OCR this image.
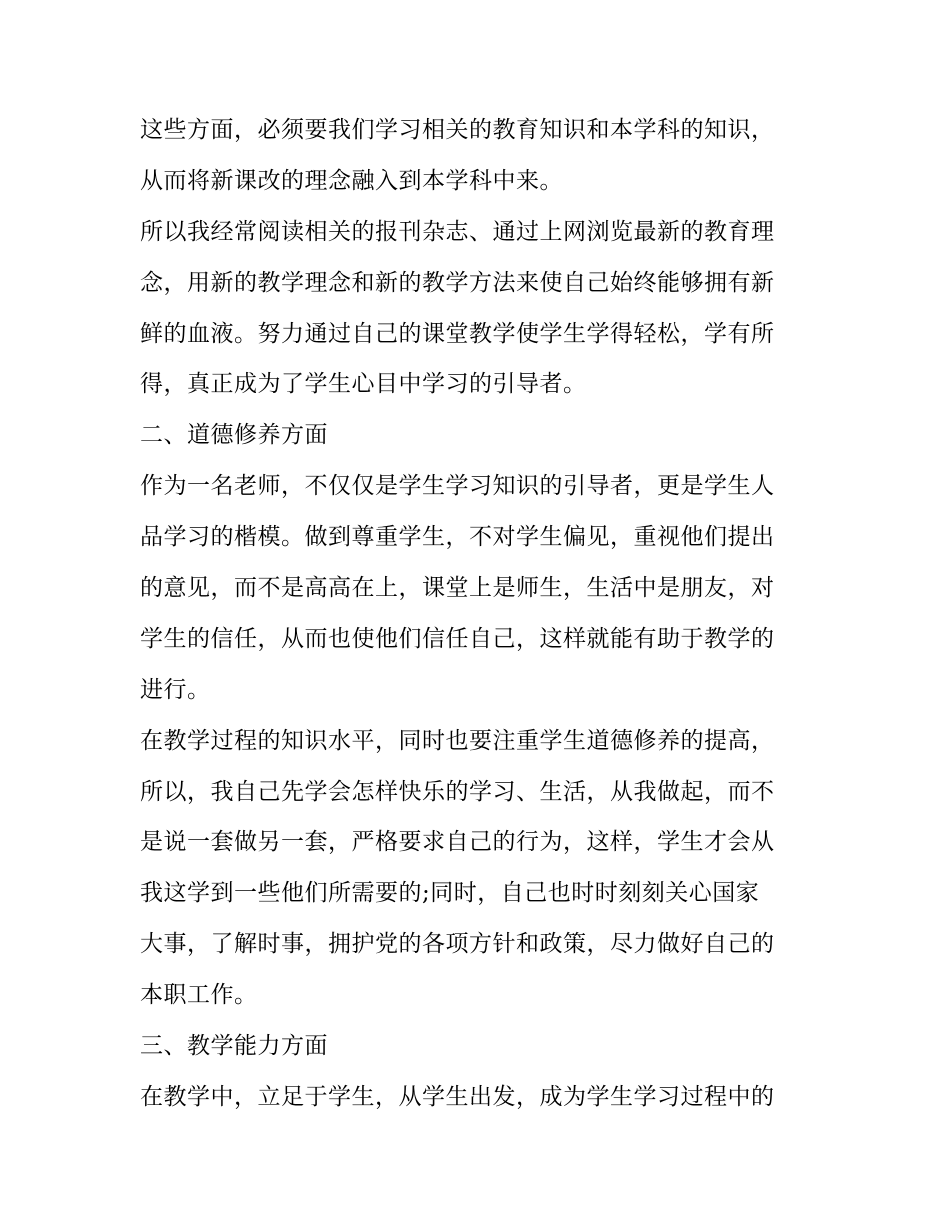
这些方面，必须要我们学习相关的教育知识和本学科的知识，
从而将新课改的理念融入到本学科中来。
所以我经常阅读相关的报刊杂志、通过上网浏览最新的教育理
念，用新的教学理念和新的教学方法来使自己始终能够拥有新
鲜的血液。努力通过自己的课堂教学使学生学得轻松，学有所
得，真正成为了学生心目中学习的引导者。
二、道德修养方面
作为一名老师，不仅仅是学生学习知识的引导者，更是学生人
品学习的楷模。做到尊重学生，不对学生偏见，重视他们提出
的意见，而不是高高在上，课堂上是师生，生活中是朋友，对
学生的信任，从而也使他们信任自己，这样就能有助于教学的
进行。
在教学过程的知识水平，同时也要注重学生道德修养的提高，
所以，我自己先学会怎样快乐的学习、生活，从我做起，而不
是说一套做另一套，严格要求自己的行为，这样，学生才会从
我这学到一些他们所需要的;同时，自己也时时刻刻关心国家
大事，了解时事，拥护党的各项方针和政策，尽力做好自己的
本职工作。
三、教学能力方面
在教学中，立足于学生，从学生出发，成为学生学习过程中的
